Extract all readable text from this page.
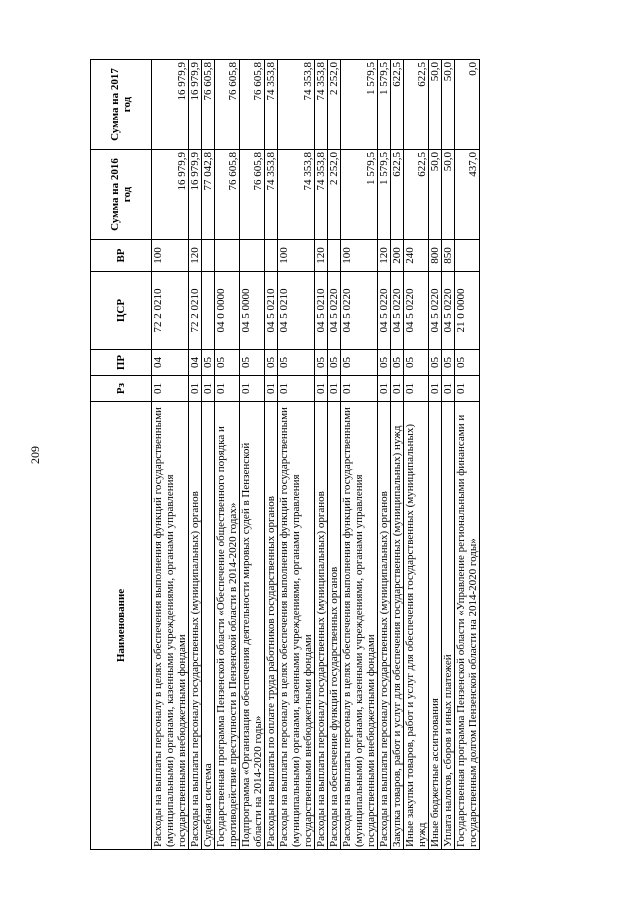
209
Наименование	Рз	ПР	ЦСР	ВР	Сумма на 2016 год	Сумма на 2017 год
Расходы на выплаты персоналу в целях обеспечения выполнения функций государственными (муниципальными) органами, казенными учреждениями, органами управления государственными внебюджетными фондами	01	04	72 2 0210	100	16 979,9	16 979,9
Расходы на выплаты персоналу государственных (муниципальных) органов	01	04	72 2 0210	120	16 979,9	16 979,9
Судебная система	01	05			77 042,8	76 605,8
Государственная программа Пензенской области «Обеспечение общественного порядка и противодействие преступности в Пензенской области в 2014-2020 годах»	01	05	04 0 0000		76 605,8	76 605,8
Подпрограмма «Организация обеспечения деятельности мировых судей в Пензенской области на 2014-2020 годы»	01	05	04 5 0000		76 605,8	76 605,8
Расходы на выплаты по оплате труда работников государственных органов	01	05	04 5 0210		74 353,8	74 353,8
Расходы на выплаты персоналу в целях обеспечения выполнения функций государственными (муниципальными) органами, казенными учреждениями, органами управления государственными внебюджетными фондами	01	05	04 5 0210	100	74 353,8	74 353,8
Расходы на выплаты персоналу государственных (муниципальных) органов	01	05	04 5 0210	120	74 353,8	74 353,8
Расходы на обеспечение функций государственных органов	01	05	04 5 0220		2 252,0	2 252,0
Расходы на выплаты персоналу в целях обеспечения выполнения функций государственными (муниципальными) органами, казенными учреждениями, органами управления государственными внебюджетными фондами	01	05	04 5 0220	100	1 579,5	1 579,5
Расходы на выплаты персоналу государственных (муниципальных) органов	01	05	04 5 0220	120	1 579,5	1 579,5
Закупка товаров, работ и услуг для обеспечения государственных (муниципальных) нужд	01	05	04 5 0220	200	622,5	622,5
Иные закупки товаров, работ и услуг для обеспечения государственных (муниципальных) нужд	01	05	04 5 0220	240	622,5	622,5
Иные бюджетные ассигнования	01	05	04 5 0220	800	50,0	50,0
Уплата налогов, сборов и иных платежей	01	05	04 5 0220	850	50,0	50,0
Государственная программа Пензенской области «Управление региональными финансами и государственным долгом Пензенской области на 2014-2020 годы»	01	05	21 0 0000		437,0	0,0
